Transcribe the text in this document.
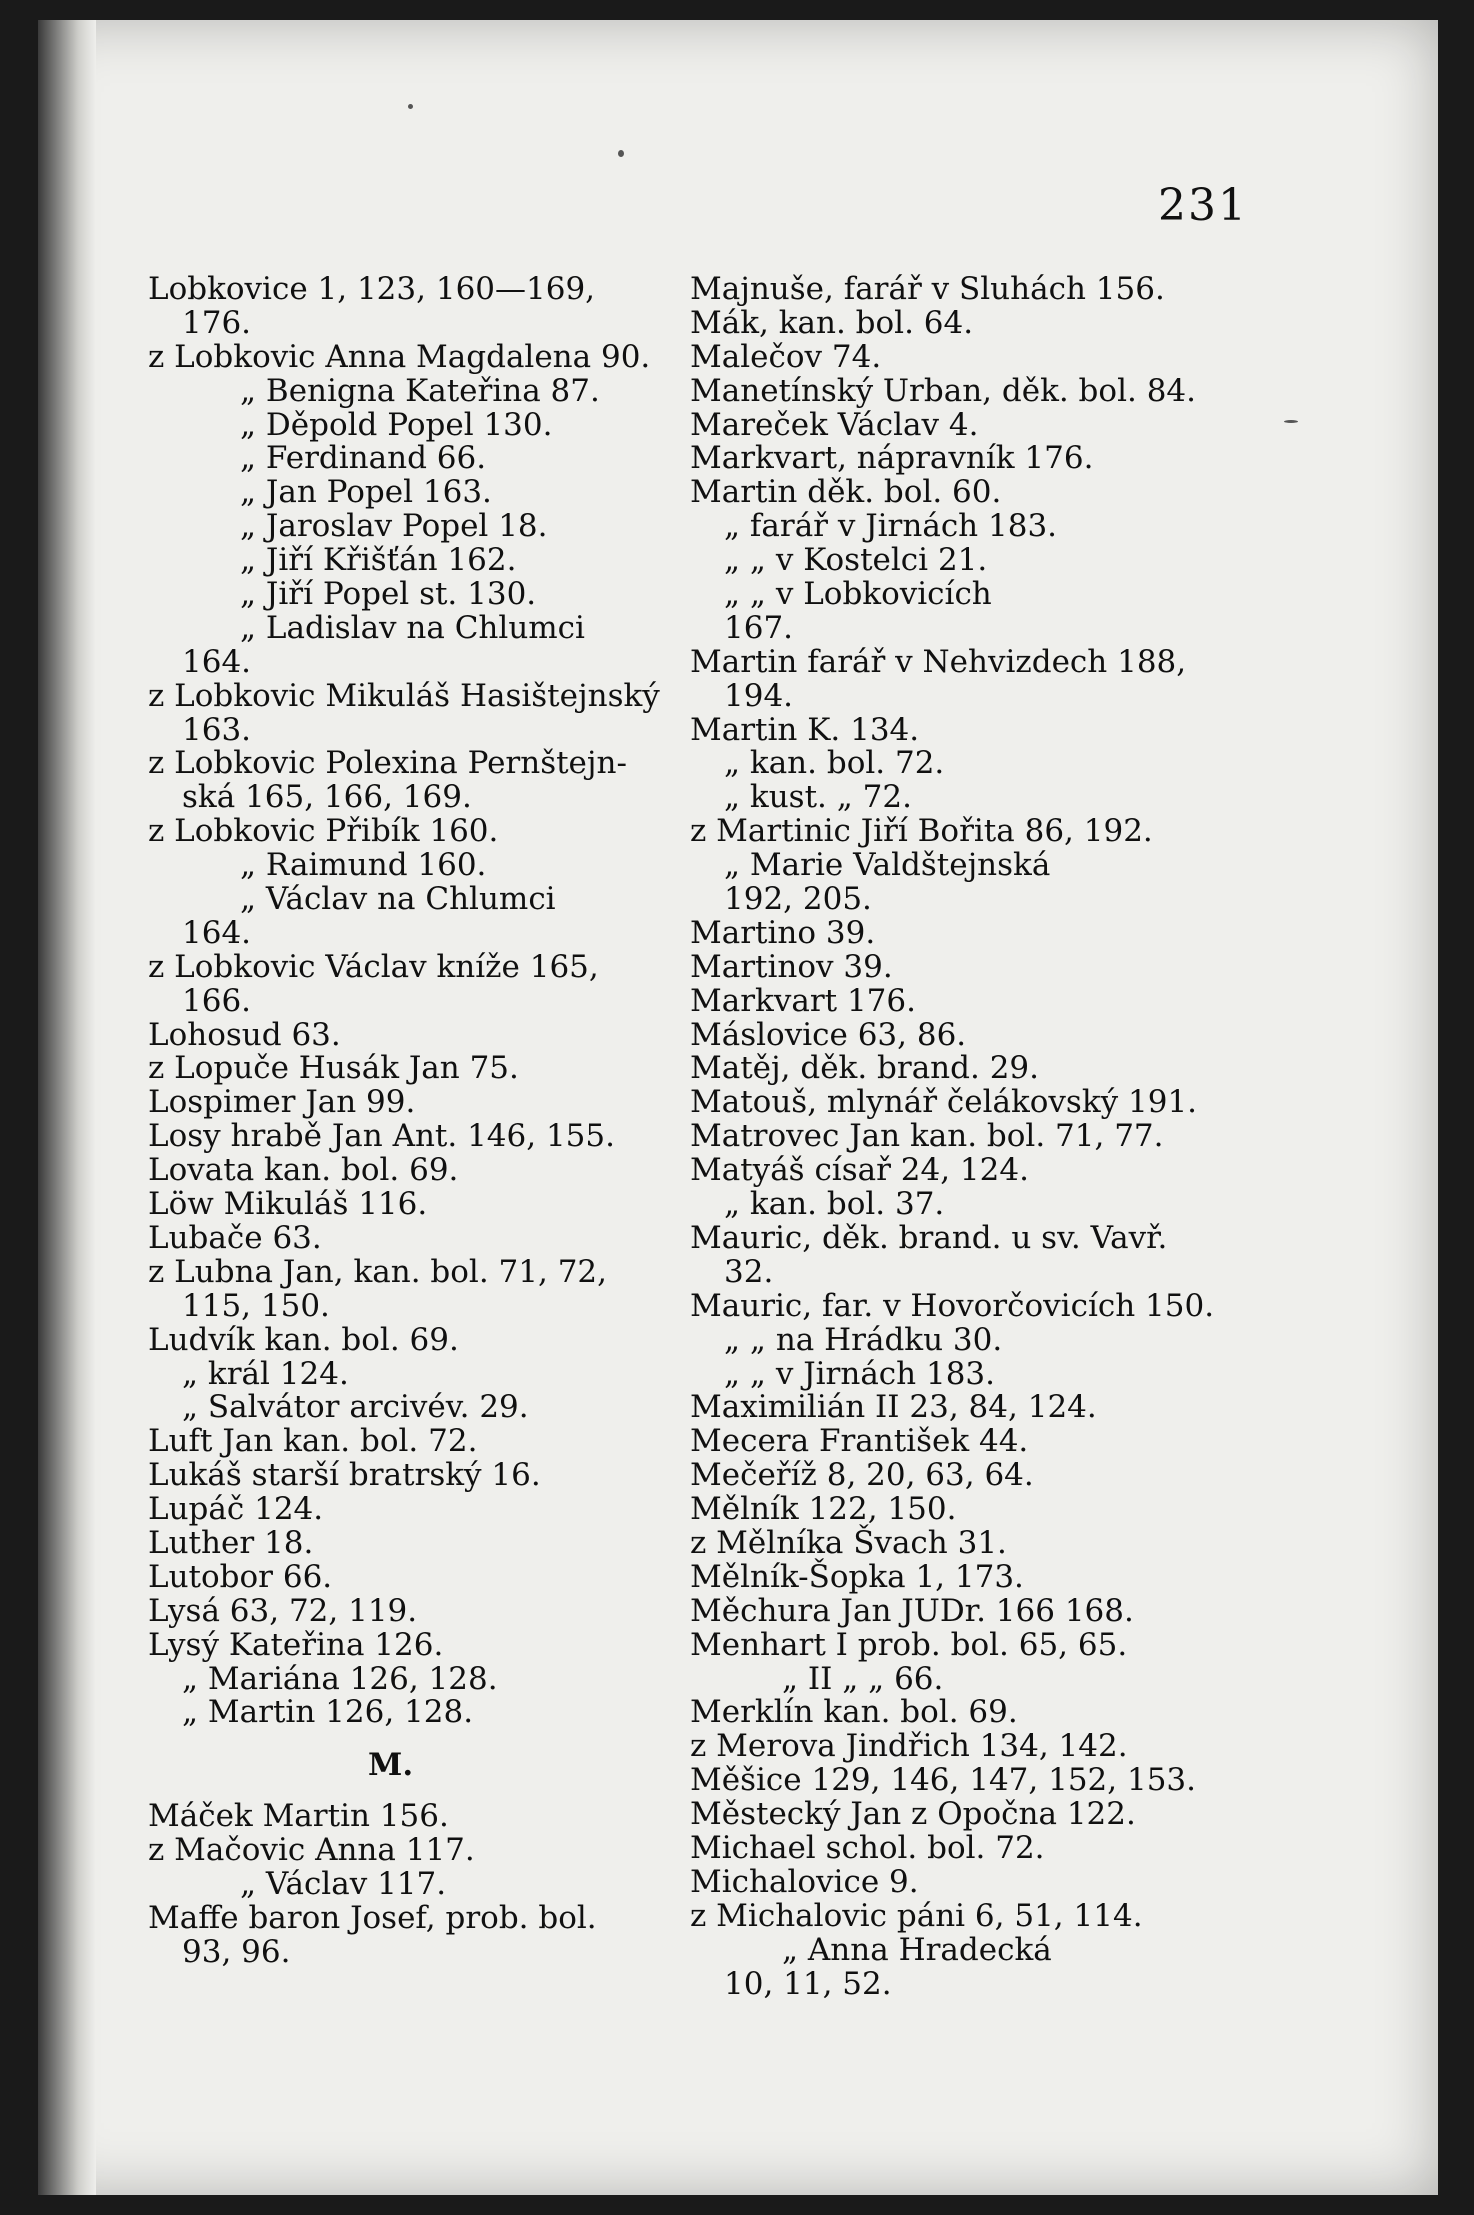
231
Lobkovice 1, 123, 160—169,
176.
z Lobkovic Anna Magdalena 90.
„ Benigna Kateřina 87.
„ Děpold Popel 130.
„ Ferdinand 66.
„ Jan Popel 163.
„ Jaroslav Popel 18.
„ Jiří Křišťán 162.
„ Jiří Popel st. 130.
„ Ladislav na Chlumci
164.
z Lobkovic Mikuláš Hasištejnský
163.
z Lobkovic Polexina Pernštejn-
ská 165, 166, 169.
z Lobkovic Přibík 160.
„ Raimund 160.
„ Václav na Chlumci
164.
z Lobkovic Václav kníže 165,
166.
Lohosud 63.
z Lopuče Husák Jan 75.
Lospimer Jan 99.
Losy hrabě Jan Ant. 146, 155.
Lovata kan. bol. 69.
Löw Mikuláš 116.
Lubače 63.
z Lubna Jan, kan. bol. 71, 72,
115, 150.
Ludvík kan. bol. 69.
„ král 124.
„ Salvátor arcivév. 29.
Luft Jan kan. bol. 72.
Lukáš starší bratrský 16.
Lupáč 124.
Luther 18.
Lutobor 66.
Lysá 63, 72, 119.
Lysý Kateřina 126.
„ Mariána 126, 128.
„ Martin 126, 128.
M.
Máček Martin 156.
z Mačovic Anna 117.
„ Václav 117.
Maffe baron Josef, prob. bol.
93, 96.
Majnuše, farář v Sluhách 156.
Mák, kan. bol. 64.
Malečov 74.
Manetínský Urban, děk. bol. 84.
Mareček Václav 4.
Markvart, nápravník 176.
Martin děk. bol. 60.
„ farář v Jirnách 183.
„ „ v Kostelci 21.
„ „ v Lobkovicích
167.
Martin farář v Nehvizdech 188,
194.
Martin K. 134.
„ kan. bol. 72.
„ kust. „ 72.
z Martinic Jiří Bořita 86, 192.
„ Marie Valdštejnská
192, 205.
Martino 39.
Martinov 39.
Markvart 176.
Máslovice 63, 86.
Matěj, děk. brand. 29.
Matouš, mlynář čelákovský 191.
Matrovec Jan kan. bol. 71, 77.
Matyáš císař 24, 124.
„ kan. bol. 37.
Mauric, děk. brand. u sv. Vavř.
32.
Mauric, far. v Hovorčovicích 150.
„ „ na Hrádku 30.
„ „ v Jirnách 183.
Maximilián II 23, 84, 124.
Mecera František 44.
Mečeříž 8, 20, 63, 64.
Mělník 122, 150.
z Mělníka Švach 31.
Mělník-Šopka 1, 173.
Měchura Jan JUDr. 166 168.
Menhart I prob. bol. 65, 65.
„ II „ „ 66.
Merklín kan. bol. 69.
z Merova Jindřich 134, 142.
Měšice 129, 146, 147, 152, 153.
Městecký Jan z Opočna 122.
Michael schol. bol. 72.
Michalovice 9.
z Michalovic páni 6, 51, 114.
„ Anna Hradecká
10, 11, 52.
